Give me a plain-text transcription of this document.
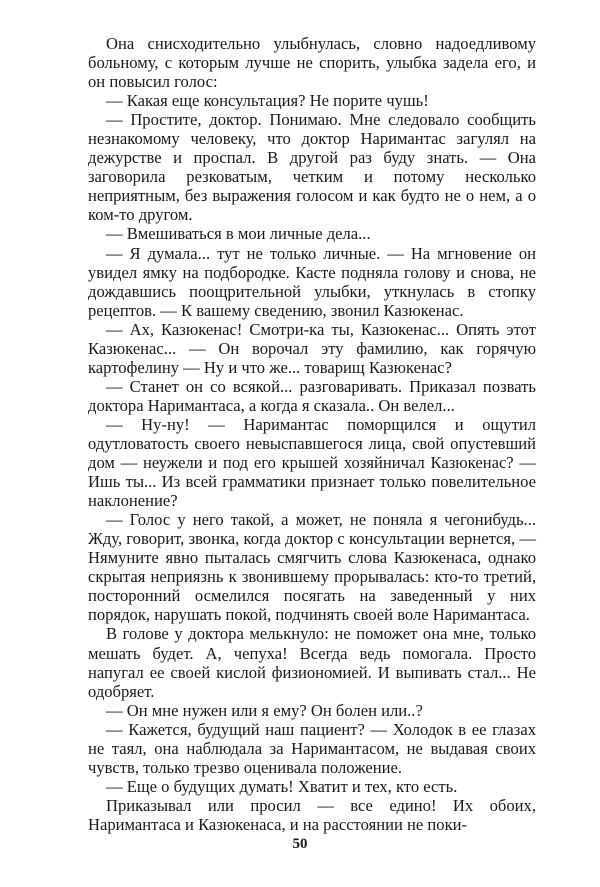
Она снисходительно улыбнулась, словно надоедливому больному, с которым лучше не спорить, улыбка задела его, и он повысил голос:

— Какая еще консультация? Не порите чушь!

— Простите, доктор. Понимаю. Мне следовало сообщить незнакомому человеку, что доктор Наримантас загулял на дежурстве и проспал. В другой раз буду знать. — Она заговорила резковатым, четким и потому несколько неприятным, без выражения голосом и как будто не о нем, а о ком-то другом.

— Вмешиваться в мои личные дела...

— Я думала... тут не только личные. — На мгновение он увидел ямку на подбородке. Касте подняла голову и снова, не дождавшись поощрительной улыбки, уткнулась в стопку рецептов. — К вашему сведению, звонил Казюкенас.

— Ах, Казюкенас! Смотри-ка ты, Казюкенас... Опять этот Казюкенас... — Он ворочал эту фамилию, как горячую картофелину — Ну и что же... товарищ Казюкенас?

— Станет он со всякой... разговаривать. Приказал позвать доктора Наримантаса, а когда я сказала.. Он велел...

— Ну-ну! — Наримантас поморщился и ощутил одутловатость своего невыспавшегося лица, свой опустевший дом — неужели и под его крышей хозяйничал Казюкенас? — Ишь ты... Из всей грамматики признает только повелительное наклонение?

— Голос у него такой, а может, не поняла я чегонибудь... Жду, говорит, звонка, когда доктор с консультации вернется, — Нямуните явно пыталась смягчить слова Казюкенаса, однако скрытая неприязнь к звонившему прорывалась: кто-то третий, посторонний осмелился посягать на заведенный у них порядок, нарушать покой, подчинять своей воле Наримантаса.

В голове у доктора мелькнуло: не поможет она мне, только мешать будет. А, чепуха! Всегда ведь помогала. Просто напугал ее своей кислой физиономией. И выпивать стал... Не одобряет.

— Он мне нужен или я ему? Он болен или..?

— Кажется, будущий наш пациент? — Холодок в ее глазах не таял, она наблюдала за Наримантасом, не выдавая своих чувств, только трезво оценивала положение.

— Еще о будущих думать! Хватит и тех, кто есть.

Приказывал или просил — все едино! Их обоих, Наримантаса и Казюкенаса, и на расстоянии не поки-

50
